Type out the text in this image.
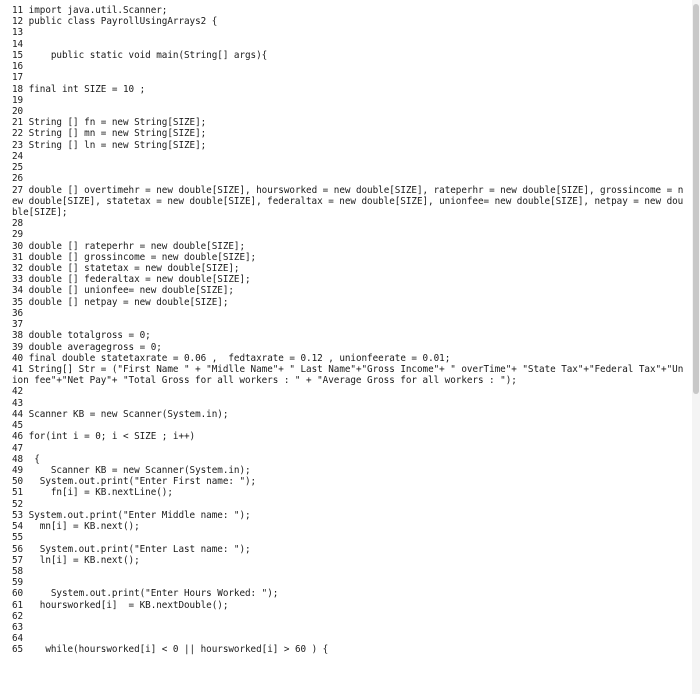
11 import java.util.Scanner;
12 public class PayrollUsingArrays2 {
13
14
15     public static void main(String[] args){
16
17
18 final int SIZE = 10 ;
19
20
21 String [] fn = new String[SIZE];
22 String [] mn = new String[SIZE];
23 String [] ln = new String[SIZE];
24
25
26
27 double [] overtimehr = new double[SIZE], hoursworked = new double[SIZE], rateperhr = new double[SIZE], grossincome = new double[SIZE], statetax = new double[SIZE], federaltax = new double[SIZE], unionfee= new double[SIZE], netpay = new double[SIZE];
28
29
30 double [] rateperhr = new double[SIZE];
31 double [] grossincome = new double[SIZE];
32 double [] statetax = new double[SIZE];
33 double [] federaltax = new double[SIZE];
34 double [] unionfee= new double[SIZE];
35 double [] netpay = new double[SIZE];
36
37
38 double totalgross = 0;
39 double averagegross = 0;
40 final double statetaxrate = 0.06 ,  fedtaxrate = 0.12 , unionfeerate = 0.01;
41 String[] Str = ("First Name " + "Midlle Name"+ " Last Name"+"Gross Income"+ " overTime"+ "State Tax"+"Federal Tax"+"Union fee"+"Net Pay"+ "Total Gross for all workers : " + "Average Gross for all workers : ");
42
43
44 Scanner KB = new Scanner(System.in);
45
46 for(int i = 0; i < SIZE ; i++)
47
48  {
49     Scanner KB = new Scanner(System.in);
50   System.out.print("Enter First name: ");
51     fn[i] = KB.nextLine();
52
53 System.out.print("Enter Middle name: ");
54   mn[i] = KB.next();
55
56   System.out.print("Enter Last name: ");
57   ln[i] = KB.next();
58
59
60     System.out.print("Enter Hours Worked: ");
61   hoursworked[i]  = KB.nextDouble();
62
63
64
65    while(hoursworked[i] < 0 || hoursworked[i] > 60 ) {
